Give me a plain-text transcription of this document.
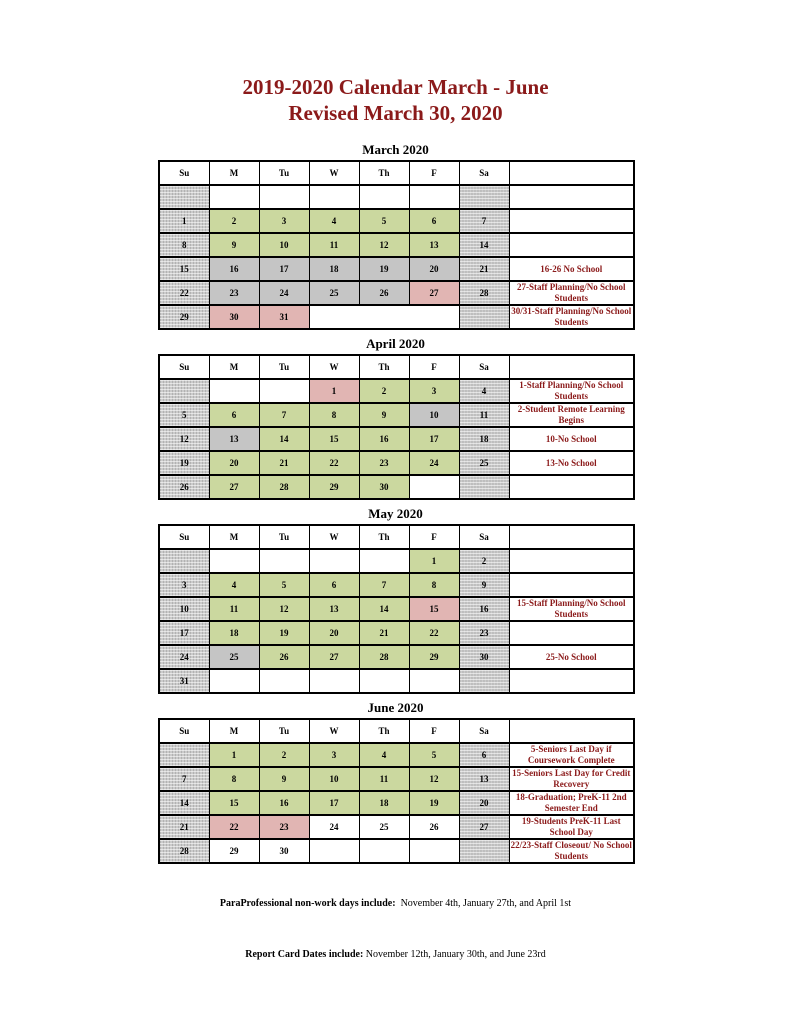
2019-2020 Calendar March - June
Revised March 30, 2020
March 2020
Su	M	Tu	W	Th	F	Sa	

1	2	3	4	5	6	7	
8	9	10	11	12	13	14	
15	16	17	18	19	20	21	16-26 No School
22	23	24	25	26	27	28	27-Staff Planning/No School Students
29	30	31					30/31-Staff Planning/No School Students
April 2020
Su	M	Tu	W	Th	F	Sa	
			1	2	3	4	1-Staff Planning/No School Students
5	6	7	8	9	10	11	2-Student Remote Learning Begins
12	13	14	15	16	17	18	10-No School
19	20	21	22	23	24	25	13-No School
26	27	28	29	30			
May 2020
Su	M	Tu	W	Th	F	Sa	
					1	2	
3	4	5	6	7	8	9	
10	11	12	13	14	15	16	15-Staff Planning/No School Students
17	18	19	20	21	22	23	
24	25	26	27	28	29	30	25-No School
31							
June 2020
Su	M	Tu	W	Th	F	Sa	
	1	2	3	4	5	6	5-Seniors Last Day if Coursework Complete
7	8	9	10	11	12	13	15-Seniors Last Day for Credit Recovery
14	15	16	17	18	19	20	18-Graduation; PreK-11 2nd Semester End
21	22	23	24	25	26	27	19-Students PreK-11 Last School Day
28	29	30					22/23-Staff Closeout/ No School Students

ParaProfessional non-work days include: November 4th, January 27th, and April 1st

Report Card Dates include: November 12th, January 30th, and June 23rd
